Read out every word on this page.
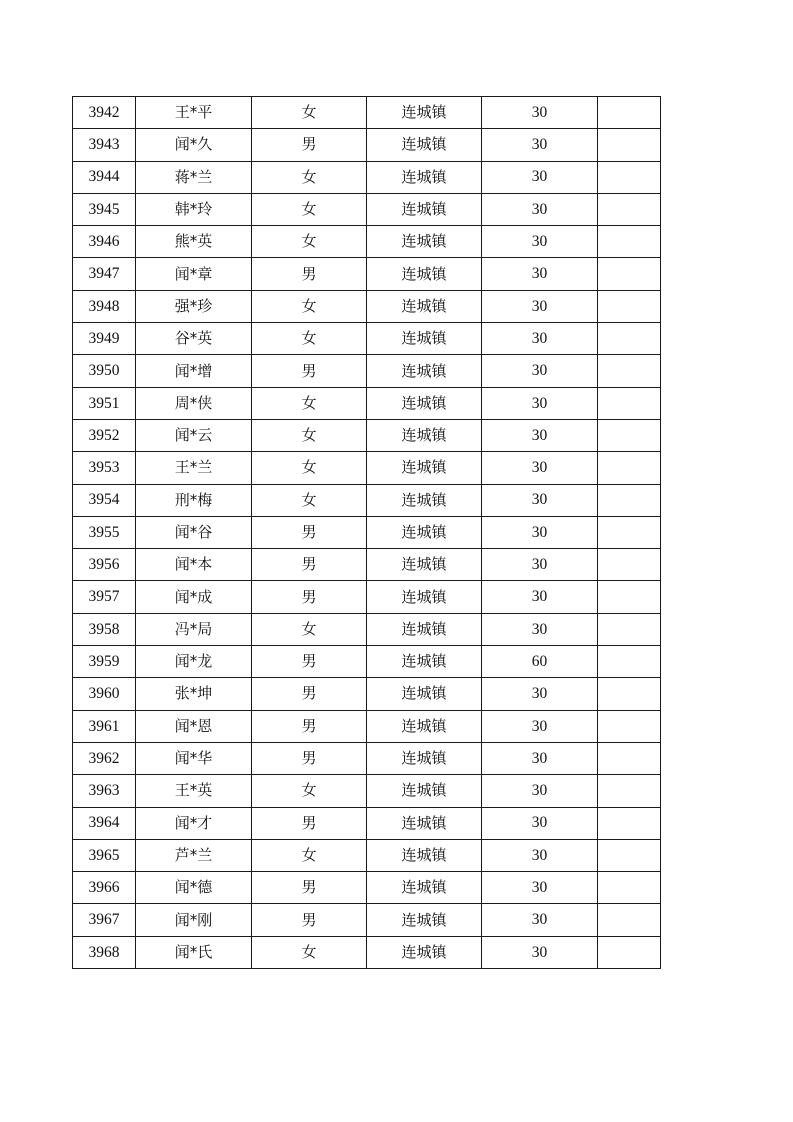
3942	王*平	女	连城镇	30	
3943	闻*久	男	连城镇	30	
3944	蒋*兰	女	连城镇	30	
3945	韩*玲	女	连城镇	30	
3946	熊*英	女	连城镇	30	
3947	闻*章	男	连城镇	30	
3948	强*珍	女	连城镇	30	
3949	谷*英	女	连城镇	30	
3950	闻*增	男	连城镇	30	
3951	周*侠	女	连城镇	30	
3952	闻*云	女	连城镇	30	
3953	王*兰	女	连城镇	30	
3954	刑*梅	女	连城镇	30	
3955	闻*谷	男	连城镇	30	
3956	闻*本	男	连城镇	30	
3957	闻*成	男	连城镇	30	
3958	冯*局	女	连城镇	30	
3959	闻*龙	男	连城镇	60	
3960	张*坤	男	连城镇	30	
3961	闻*恩	男	连城镇	30	
3962	闻*华	男	连城镇	30	
3963	王*英	女	连城镇	30	
3964	闻*才	男	连城镇	30	
3965	芦*兰	女	连城镇	30	
3966	闻*德	男	连城镇	30	
3967	闻*刚	男	连城镇	30	
3968	闻*氏	女	连城镇	30	
